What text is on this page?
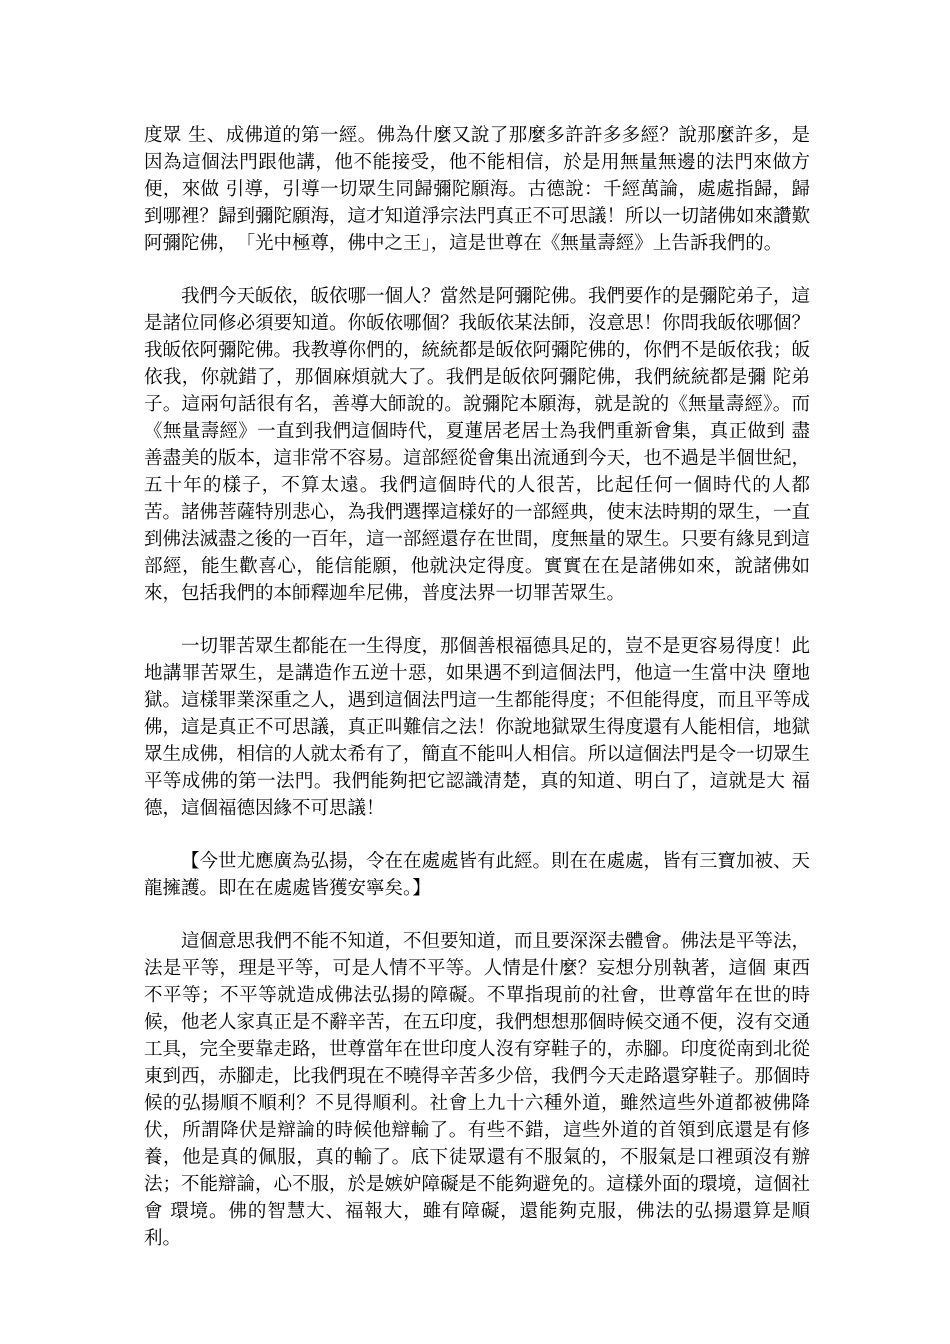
度眾 生、成佛道的第一經。佛為什麼又說了那麼多許許多多經？說那麼許多，是因為這個法門跟他講，他不能接受，他不能相信，於是用無量無邊的法門來做方便，來做 引導，引導一切眾生同歸彌陀願海。古德說：千經萬論，處處指歸，歸到哪裡？歸到彌陀願海，這才知道淨宗法門真正不可思議！所以一切諸佛如來讚歎阿彌陀佛，　「光中極尊，佛中之王」，這是世尊在《無量壽經》上告訴我們的。

我們今天皈依，皈依哪一個人？當然是阿彌陀佛。我們要作的是彌陀弟子，這是諸位同修必須要知道。你皈依哪個？我皈依某法師，沒意思！你問我皈依哪個？我皈依阿彌陀佛。我教導你們的，統統都是皈依阿彌陀佛的，你們不是皈依我；皈依我，你就錯了，那個麻煩就大了。我們是皈依阿彌陀佛，我們統統都是彌 陀弟子。這兩句話很有名，善導大師說的。說彌陀本願海，就是說的《無量壽經》。而《無量壽經》一直到我們這個時代，夏蓮居老居士為我們重新會集，真正做到 盡善盡美的版本，這非常不容易。這部經從會集出流通到今天，也不過是半個世紀，五十年的樣子，不算太遠。我們這個時代的人很苦，比起任何一個時代的人都 苦。諸佛菩薩特別悲心，為我們選擇這樣好的一部經典，使末法時期的眾生，一直到佛法滅盡之後的一百年，這一部經還存在世間，度無量的眾生。只要有緣見到這 部經，能生歡喜心，能信能願，他就決定得度。實實在在是諸佛如來，說諸佛如來，包括我們的本師釋迦牟尼佛，普度法界一切罪苦眾生。

一切罪苦眾生都能在一生得度，那個善根福德具足的，豈不是更容易得度！此地講罪苦眾生，是講造作五逆十惡，如果遇不到這個法門，他這一生當中決 墮地獄。這樣罪業深重之人，遇到這個法門這一生都能得度；不但能得度，而且平等成佛，這是真正不可思議，真正叫難信之法！你說地獄眾生得度還有人能相信，地獄眾生成佛，相信的人就太希有了，簡直不能叫人相信。所以這個法門是令一切眾生平等成佛的第一法門。我們能夠把它認識清楚，真的知道、明白了，這就是大 福德，這個福德因緣不可思議！

【今世尤應廣為弘揚，令在在處處皆有此經。則在在處處，皆有三寶加被、天龍擁護。即在在處處皆獲安寧矣。】

這個意思我們不能不知道，不但要知道，而且要深深去體會。佛法是平等法，法是平等，理是平等，可是人情不平等。人情是什麼？妄想分別執著，這個 東西不平等；不平等就造成佛法弘揚的障礙。不單指現前的社會，世尊當年在世的時候，他老人家真正是不辭辛苦，在五印度，我們想想那個時候交通不便，沒有交通工具，完全要靠走路，世尊當年在世印度人沒有穿鞋子的，赤腳。印度從南到北從東到西，赤腳走，比我們現在不曉得辛苦多少倍，我們今天走路還穿鞋子。那個時候的弘揚順不順利？不見得順利。社會上九十六種外道，雖然這些外道都被佛降伏，所謂降伏是辯論的時候他辯輸了。有些不錯，這些外道的首領到底還是有修 養，他是真的佩服，真的輸了。底下徒眾還有不服氣的，不服氣是口裡頭沒有辦法；不能辯論，心不服，於是嫉妒障礙是不能夠避免的。這樣外面的環境，這個社會 環境。佛的智慧大、福報大，雖有障礙，還能夠克服，佛法的弘揚還算是順利。
